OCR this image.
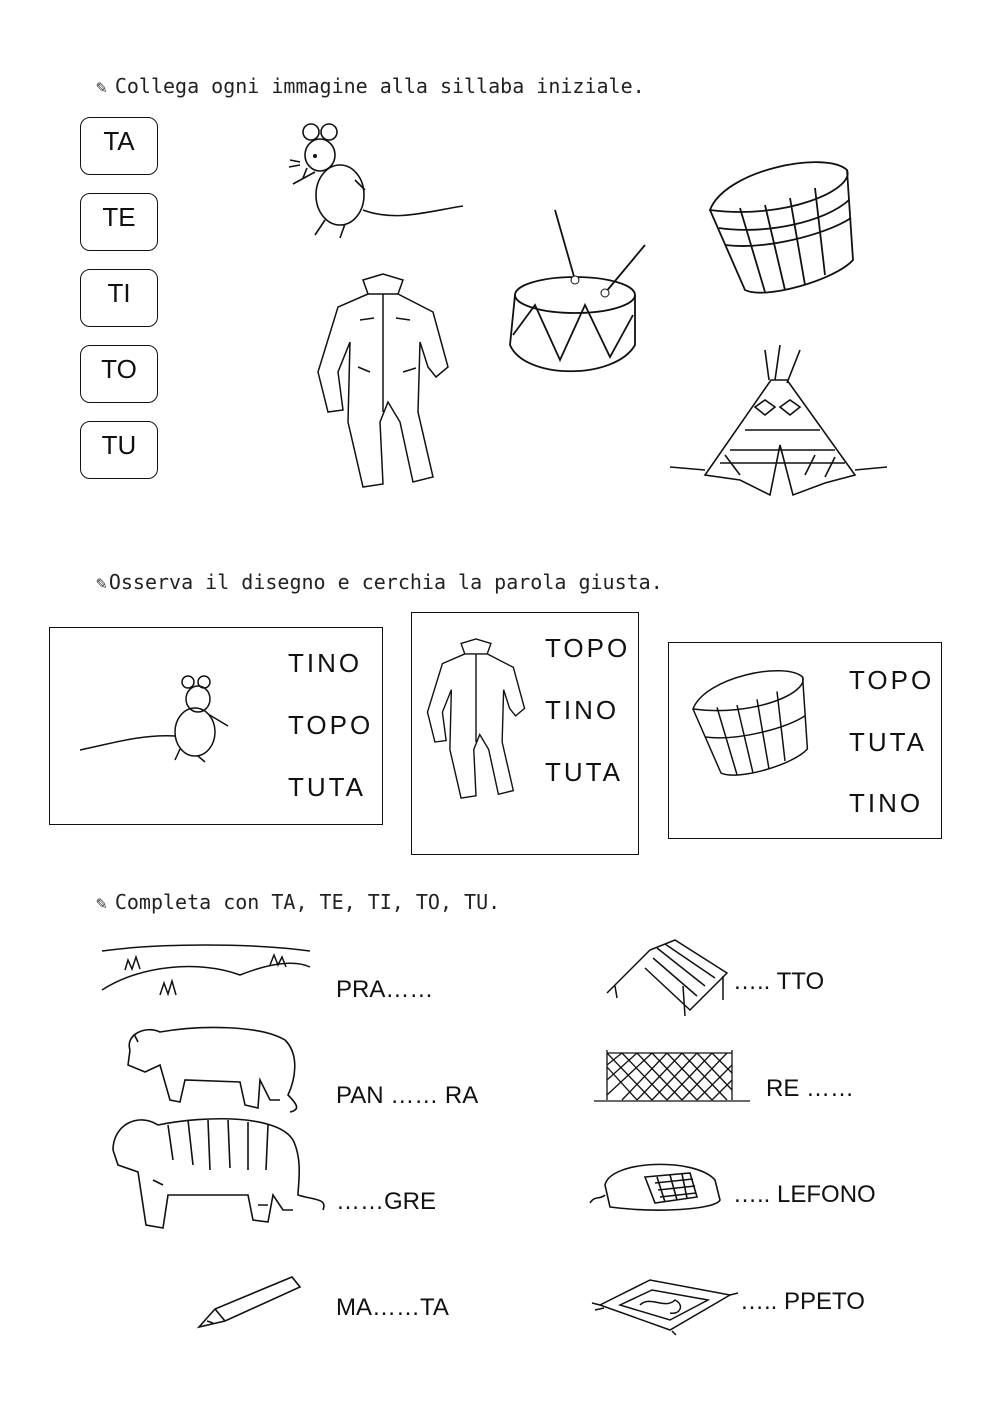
✎ Collega ogni immagine alla sillaba iniziale.
TA
TE
TI
TO
TU
✎ Osserva il disegno e cerchia la parola giusta.
TINO
TOPO
TUTA
TOPO
TINO
TUTA
TOPO
TUTA
TINO
✎ Completa con TA, TE, TI, TO, TU.
PRA……	….. TTO
PAN …… RA	RE ……
……GRE	….. LEFONO
MA……TA	….. PPETO
